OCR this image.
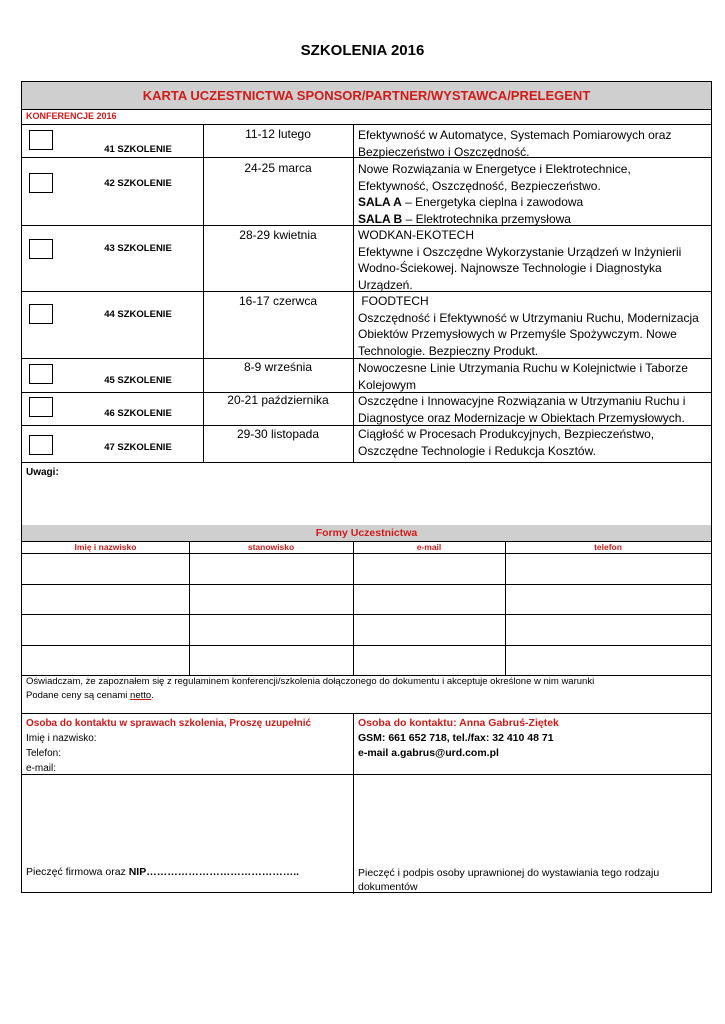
SZKOLENIA 2016
KARTA UCZESTNICTWA SPONSOR/PARTNER/WYSTAWCA/PRELEGENT
KONFERENCJE 2016
41 SZKOLENIE
11-12 lutego	Efektywność w Automatyce, Systemach Pomiarowych oraz
Bezpieczeństwo i Oszczędność.
42 SZKOLENIE
24-25 marca	Nowe Rozwiązania w Energetyce i Elektrotechnice,
Efektywność, Oszczędność, Bezpieczeństwo.
SALA A – Energetyka cieplna i zawodowa
SALA B – Elektrotechnika przemysłowa
43 SZKOLENIE
28-29 kwietnia	WODKAN-EKOTECH
Efektywne i Oszczędne Wykorzystanie Urządzeń w Inżynierii
Wodno-Ściekowej. Najnowsze Technologie i Diagnostyka
Urządzeń.
44 SZKOLENIE
16-17 czerwca	FOODTECH
Oszczędność i Efektywność w Utrzymaniu Ruchu, Modernizacja
Obiektów Przemysłowych w Przemyśle Spożywczym. Nowe
Technologie. Bezpieczny Produkt.
45 SZKOLENIE
8-9 września	Nowoczesne Linie Utrzymania Ruchu w Kolejnictwie i Taborze
Kolejowym
46 SZKOLENIE
20-21 października	Oszczędne i Innowacyjne Rozwiązania w Utrzymaniu Ruchu i
Diagnostyce oraz Modernizacje w Obiektach Przemysłowych.
47 SZKOLENIE
29-30 listopada	Ciągłość w Procesach Produkcyjnych, Bezpieczeństwo,
Oszczędne Technologie i Redukcja Kosztów.
Uwagi:
Formy Uczestnictwa
Imię i nazwisko	stanowisko	e-mail	telefon
Oświadczam, że zapoznałem się z regulaminem konferencji/szkolenia dołączonego do dokumentu i akceptuje określone w nim warunki
Podane ceny są cenami netto.
Osoba do kontaktu w sprawach szkolenia, Proszę uzupełnić
Imię i nazwisko:
Telefon:
e-mail:
Osoba do kontaktu: Anna Gabruś-Ziętek
GSM: 661 652 718, tel./fax: 32 410 48 71
e-mail a.gabrus@urd.com.pl
Pieczęć firmowa oraz NIP……………………………………..	Pieczęć i podpis osoby uprawnionej do wystawiania tego rodzaju dokumentów
